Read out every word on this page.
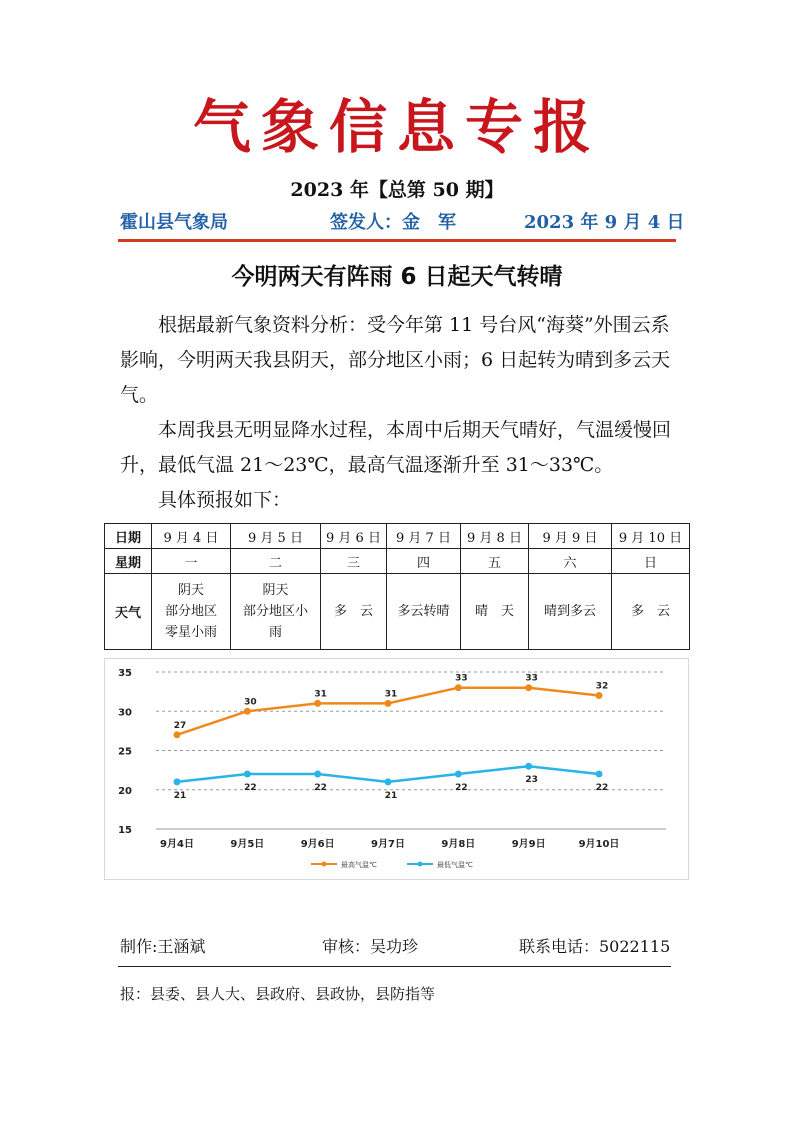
气象信息专报
2023 年【总第 50 期】
霍山县气象局	签发人：金　军	2023 年 9 月 4 日
今明两天有阵雨 6 日起天气转晴

根据最新气象资料分析：受今年第 11 号台风“海葵”外围云系影响，今明两天我县阴天，部分地区小雨；6 日起转为晴到多云天气。

本周我县无明显降水过程，本周中后期天气晴好，气温缓慢回升，最低气温 21～23℃，最高气温逐渐升至 31～33℃。

具体预报如下：

日期	9 月 4 日	9 月 5 日	9 月 6 日	9 月 7 日	9 月 8 日	9 月 9 日	9 月 10 日
星期	一	二	三	四	五	六	日
天气	阴天
部分地区
零星小雨	阴天
部分地区小
雨	多　云	多云转晴	晴　天	晴到多云	多　云
15
20
25
30
35
9月4日	9月5日	9月6日	9月7日	9月8日	9月9日	9月10日
27
30
31	31
33	33
32
最高气温℃
21
22	22
21
22
23
22
最低气温℃
制作:王涵斌	审核：吴功珍	联系电话：5022115
报：县委、县人大、县政府、县政协，县防指等
